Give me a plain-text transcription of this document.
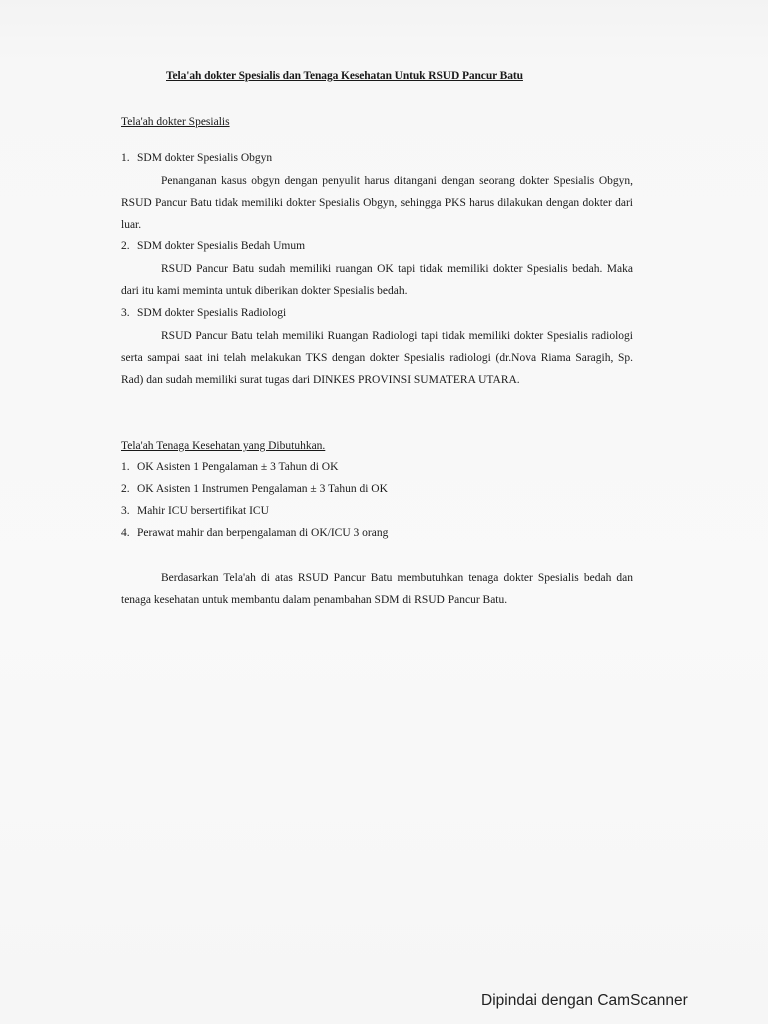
Tela'ah dokter Spesialis dan Tenaga Kesehatan Untuk RSUD Pancur Batu
Tela'ah dokter Spesialis
1. SDM dokter Spesialis Obgyn

Penanganan kasus obgyn dengan penyulit harus ditangani dengan seorang dokter Spesialis Obgyn, RSUD Pancur Batu tidak memiliki dokter Spesialis Obgyn, sehingga PKS harus dilakukan dengan dokter dari luar.

2. SDM dokter Spesialis Bedah Umum

RSUD Pancur Batu sudah memiliki ruangan OK tapi tidak memiliki dokter Spesialis bedah. Maka dari itu kami meminta untuk diberikan dokter Spesialis bedah.

3. SDM dokter Spesialis Radiologi

RSUD Pancur Batu telah memiliki Ruangan Radiologi tapi tidak memiliki dokter Spesialis radiologi serta sampai saat ini telah melakukan TKS dengan dokter Spesialis radiologi (dr.Nova Riama Saragih, Sp. Rad) dan sudah memiliki surat tugas dari DINKES PROVINSI SUMATERA UTARA.

Tela'ah Tenaga Kesehatan yang Dibutuhkan.
1. OK Asisten 1 Pengalaman ± 3 Tahun di OK
2. OK Asisten 1 Instrumen Pengalaman ± 3 Tahun di OK
3. Mahir ICU bersertifikat ICU
4. Perawat mahir dan berpengalaman di OK/ICU 3 orang

Berdasarkan Tela'ah di atas RSUD Pancur Batu membutuhkan tenaga dokter Spesialis bedah dan tenaga kesehatan untuk membantu dalam penambahan SDM di RSUD Pancur Batu.

Dipindai dengan CamScanner
